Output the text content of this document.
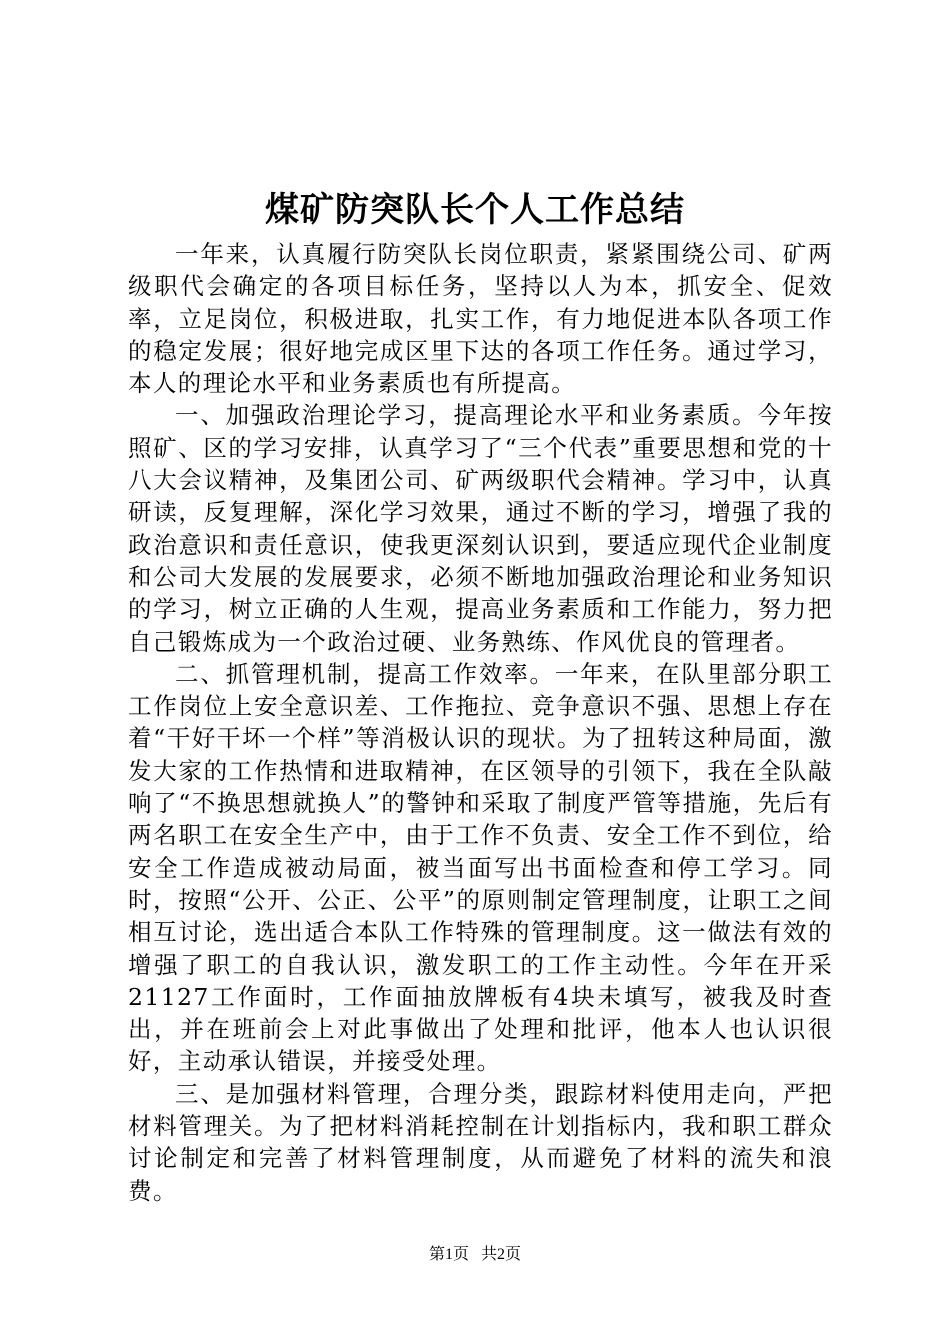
煤矿防突队长个人工作总结

一年来，认真履行防突队长岗位职责，紧紧围绕公司、矿两级职代会确定的各项目标任务，坚持以人为本，抓安全、促效率，立足岗位，积极进取，扎实工作，有力地促进本队各项工作的稳定发展；很好地完成区里下达的各项工作任务。通过学习，本人的理论水平和业务素质也有所提高。

一、加强政治理论学习，提高理论水平和业务素质。今年按照矿、区的学习安排，认真学习了“三个代表”重要思想和党的十八大会议精神，及集团公司、矿两级职代会精神。学习中，认真研读，反复理解，深化学习效果，通过不断的学习，增强了我的政治意识和责任意识，使我更深刻认识到，要适应现代企业制度和公司大发展的发展要求，必须不断地加强政治理论和业务知识的学习，树立正确的人生观，提高业务素质和工作能力，努力把自己锻炼成为一个政治过硬、业务熟练、作风优良的管理者。

二、抓管理机制，提高工作效率。一年来，在队里部分职工工作岗位上安全意识差、工作拖拉、竞争意识不强、思想上存在着“干好干坏一个样”等消极认识的现状。为了扭转这种局面，激发大家的工作热情和进取精神，在区领导的引领下，我在全队敲响了“不换思想就换人”的警钟和采取了制度严管等措施，先后有两名职工在安全生产中，由于工作不负责、安全工作不到位，给安全工作造成被动局面，被当面写出书面检查和停工学习。同时，按照“公开、公正、公平”的原则制定管理制度，让职工之间相互讨论，选出适合本队工作特殊的管理制度。这一做法有效的增强了职工的自我认识，激发职工的工作主动性。今年在开采21127工作面时，工作面抽放牌板有4块未填写，被我及时查出，并在班前会上对此事做出了处理和批评，他本人也认识很好，主动承认错误，并接受处理。

三、是加强材料管理，合理分类，跟踪材料使用走向，严把材料管理关。为了把材料消耗控制在计划指标内，我和职工群众讨论制定和完善了材料管理制度，从而避免了材料的流失和浪费。

第1页 共2页
